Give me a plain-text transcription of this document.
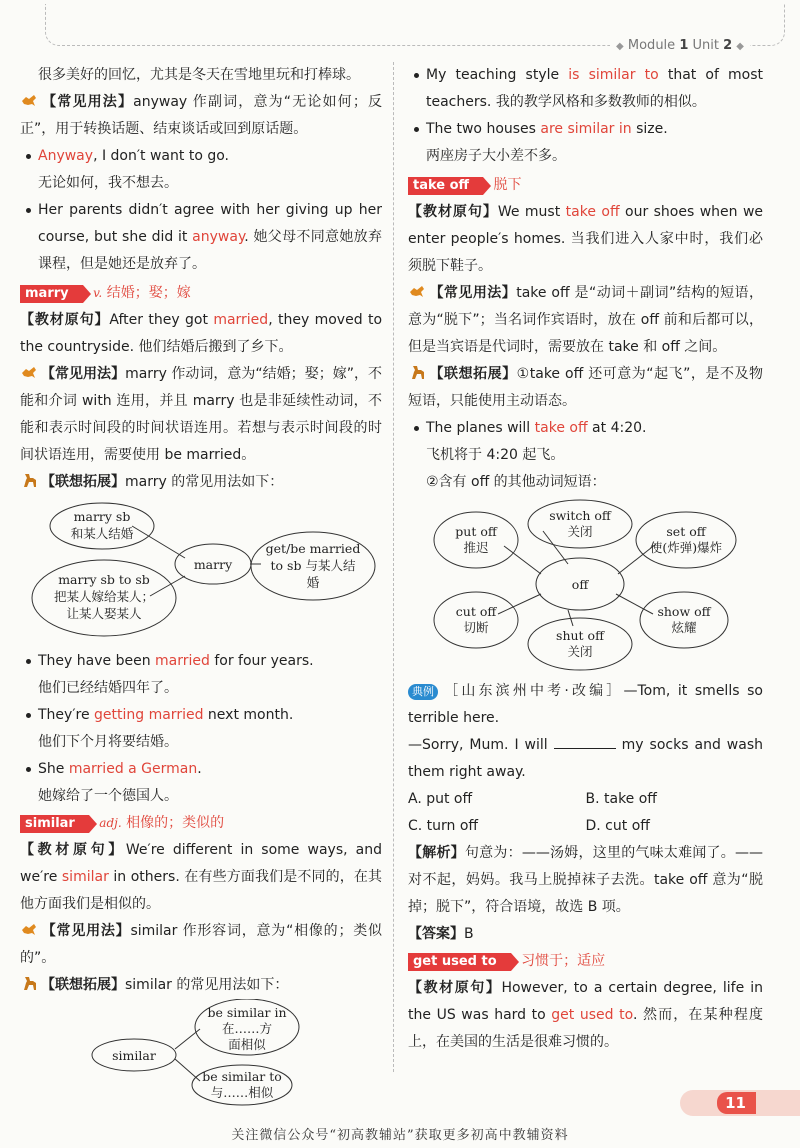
◆ Module 1 Unit 2 ◆

很多美好的回忆，尤其是冬天在雪地里玩和打棒球。

【常见用法】anyway 作副词，意为“无论如何；反正”，用于转换话题、结束谈话或回到原话题。

Anyway, I don′t want to go.

无论如何，我不想去。

Her parents didn′t agree with her giving up her course, but she did it anyway. 她父母不同意她放弃课程，但是她还是放弃了。

marry v. 结婚；娶；嫁

【教材原句】After they got married, they moved to the countryside. 他们结婚后搬到了乡下。

【常见用法】marry 作动词，意为“结婚；娶；嫁”，不能和介词 with 连用，并且 marry 也是非延续性动词，不能和表示时间段的时间状语连用。若想与表示时间段的时间状语连用，需要使用 be married。

【联想拓展】marry 的常见用法如下：

marry sb
和某人结婚
marry sb to sb
把某人嫁给某人；
让某人娶某人
marry
get/be married
to sb 与某人结
婚

They have been married for four years.

他们已经结婚四年了。

They′re getting married next month.

他们下个月将要结婚。

She married a German.

她嫁给了一个德国人。

similar adj. 相像的；类似的

【教材原句】We′re different in some ways, and we′re similar in others. 在有些方面我们是不同的，在其他方面我们是相似的。

【常见用法】similar 作形容词，意为“相像的；类似的”。

【联想拓展】similar 的常见用法如下：

similar
be similar in
在……方
面相似
be similar to
与……相似

My teaching style is similar to that of most teachers. 我的教学风格和多数教师的相似。

The two houses are similar in size.

两座房子大小差不多。

take off 脱下

【教材原句】We must take off our shoes when we enter people′s homes. 当我们进入人家中时，我们必须脱下鞋子。

【常见用法】take off 是“动词＋副词”结构的短语，意为“脱下”；当名词作宾语时，放在 off 前和后都可以，但是当宾语是代词时，需要放在 take 和 off 之间。

【联想拓展】①take off 还可意为“起飞”，是不及物短语，只能使用主动语态。

The planes will take off at 4:20.

飞机将于 4:20 起飞。

②含有 off 的其他动词短语：

switch off
关闭
put off
推迟
set off
使(炸弹)爆炸
off
cut off
切断
shut off
关闭
show off
炫耀

典例 ［山东滨州中考·改编］—Tom, it smells so terrible here.

—Sorry, Mum. I will	my socks and wash them right away.

A. put off	B. take off
C. turn off	D. cut off

【解析】句意为：——汤姆，这里的气味太难闻了。——对不起，妈妈。我马上脱掉袜子去洗。take off 意为“脱掉；脱下”，符合语境，故选 B 项。

【答案】B

get used to 习惯于；适应

【教材原句】However, to a certain degree, life in the US was hard to get used to. 然而，在某种程度上，在美国的生活是很难习惯的。

11
关注微信公众号“初高教辅站”获取更多初高中教辅资料
